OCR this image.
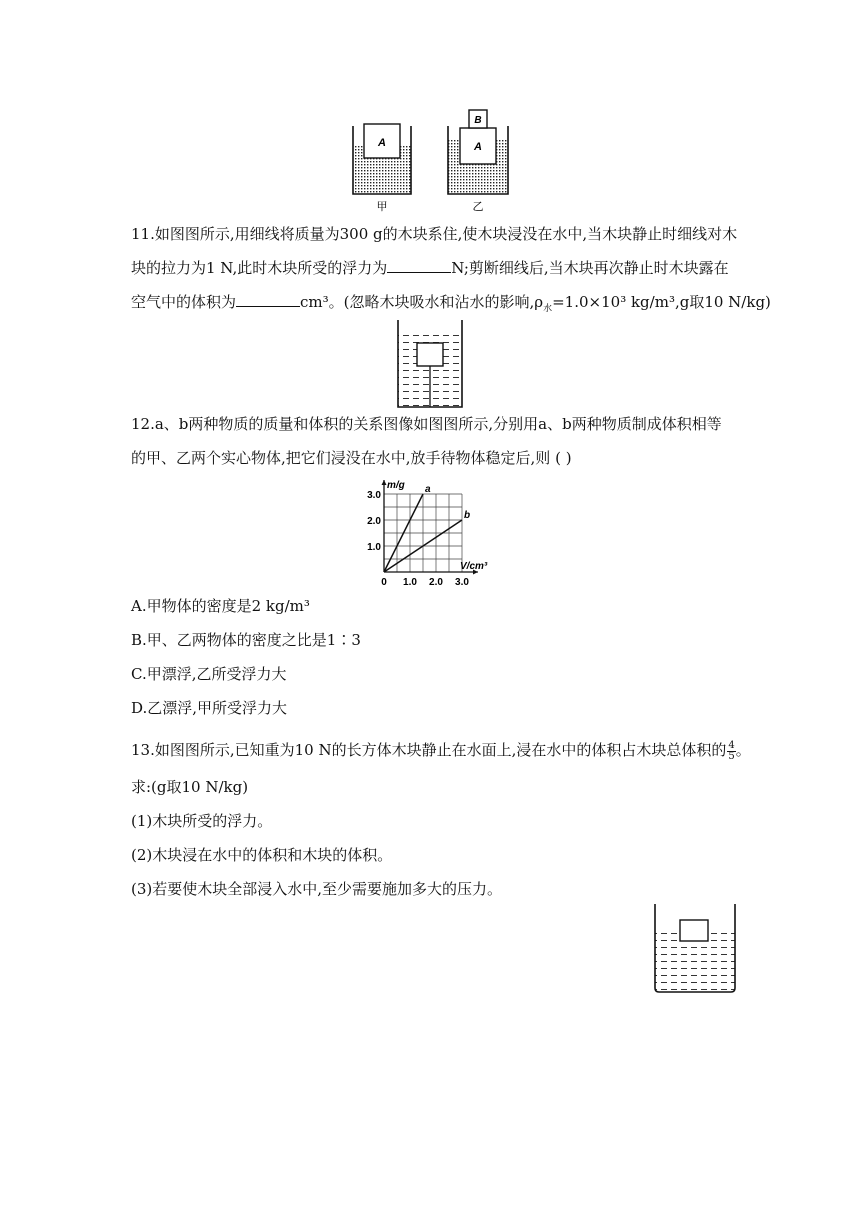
A
甲
A
B
乙
11.如图图所示,用细线将质量为300 g的木块系住,使木块浸没在水中,当木块静止时细线对木
块的拉力为1 N,此时木块所受的浮力为	N;剪断细线后,当木块再次静止时木块露在
空气中的体积为	cm³。(忽略木块吸水和沾水的影响$,\rho_水=1.0\times 10^3$ kg/m³,g取10 N/kg)
12.a、b两种物质的质量和体积的关系图像如图图所示,分别用a、b两种物质制成体积相等
的甲、乙两个实心物体,把它们浸没在水中,放手待物体稳定后,则 ( )
a
b
0 1.0 2.0 3.0
1.0
2.0
3.0
V/cm³
m/g
A.甲物体的密度是2 kg/m³
B.甲、乙两物体的密度之比是1∶3
C.甲漂浮,乙所受浮力大
D.乙漂浮,甲所受浮力大
13.如图图所示,已知重为10 N的长方体木块静止在水面上,浸在水中的体积占木块总体积的 $\frac{4}{5}$ 。
求:(g取10 N/kg)
(1)木块所受的浮力。
(2)木块浸在水中的体积和木块的体积。
(3)若要使木块全部浸入水中,至少需要施加多大的压力。
